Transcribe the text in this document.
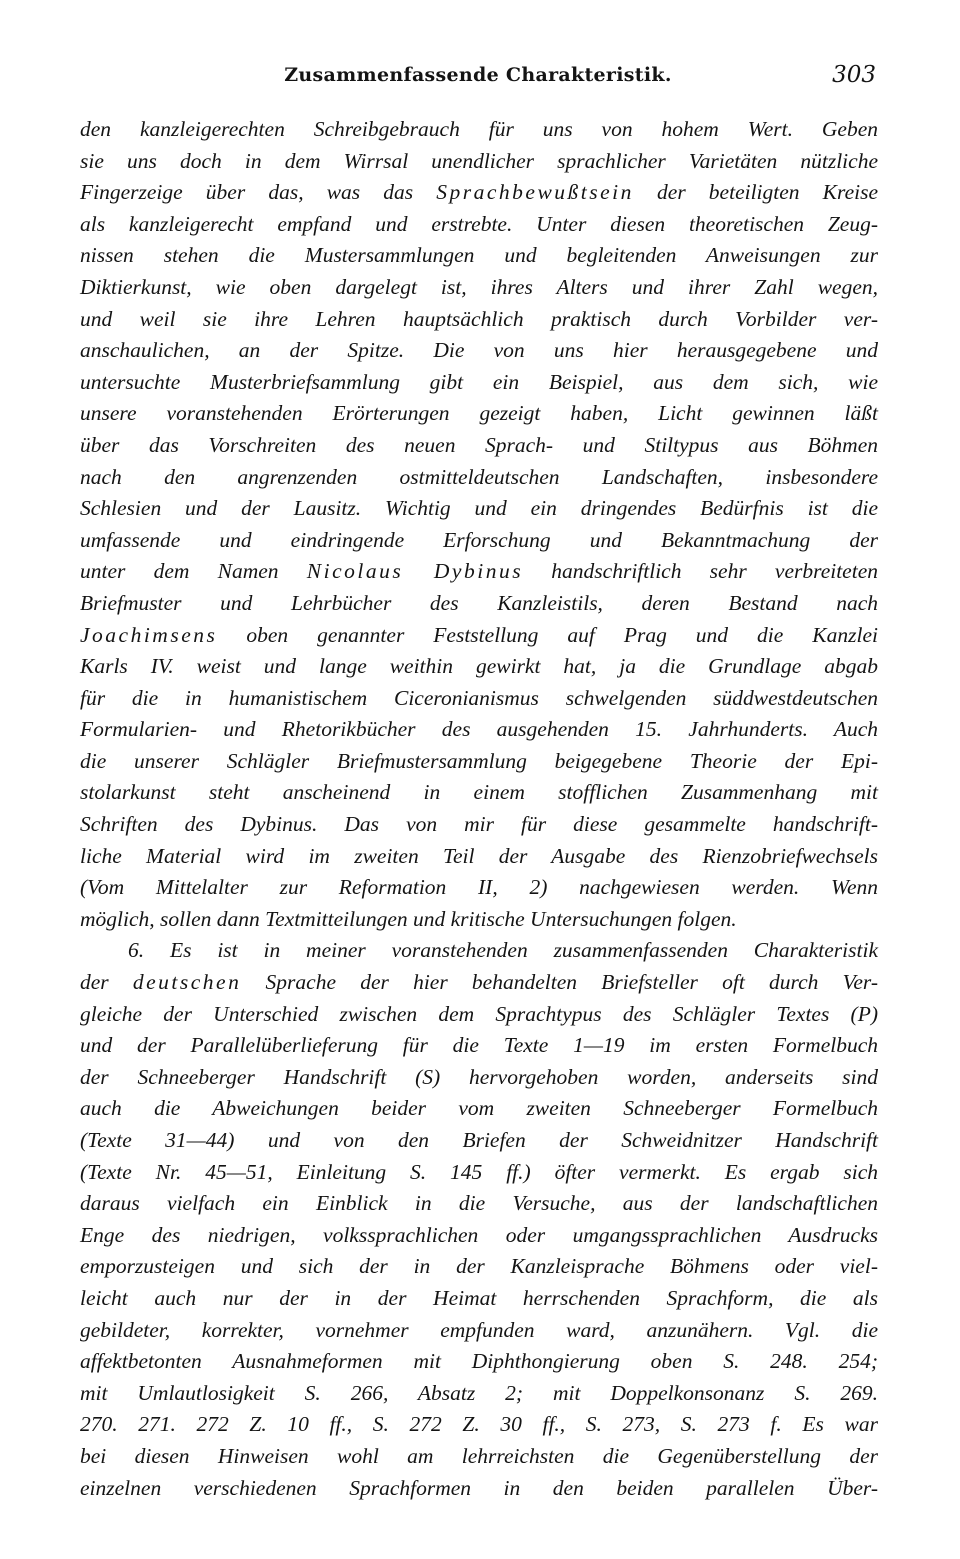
Zusammenfassende Charakteristik.	303
den kanzleigerechten Schreibgebrauch für uns von hohem Wert. Geben
sie uns doch in dem Wirrsal unendlicher sprachlicher Varietäten nützliche
Fingerzeige über das, was das Sprachbewußtsein der beteiligten Kreise
als kanzleigerecht empfand und erstrebte. Unter diesen theoretischen Zeug-
nissen stehen die Mustersammlungen und begleitenden Anweisungen zur
Diktierkunst, wie oben dargelegt ist, ihres Alters und ihrer Zahl wegen,
und weil sie ihre Lehren hauptsächlich praktisch durch Vorbilder ver-
anschaulichen, an der Spitze. Die von uns hier herausgegebene und
untersuchte Musterbriefsammlung gibt ein Beispiel, aus dem sich, wie
unsere voranstehenden Erörterungen gezeigt haben, Licht gewinnen läßt
über das Vorschreiten des neuen Sprach- und Stiltypus aus Böhmen
nach den angrenzenden ostmitteldeutschen Landschaften, insbesondere
Schlesien und der Lausitz. Wichtig und ein dringendes Bedürfnis ist die
umfassende und eindringende Erforschung und Bekanntmachung der
unter dem Namen Nicolaus Dybinus handschriftlich sehr verbreiteten
Briefmuster und Lehrbücher des Kanzleistils, deren Bestand nach
Joachimsens oben genannter Feststellung auf Prag und die Kanzlei
Karls IV. weist und lange weithin gewirkt hat, ja die Grundlage abgab
für die in humanistischem Ciceronianismus schwelgenden süddwestdeutschen
Formularien- und Rhetorikbücher des ausgehenden 15. Jahrhunderts. Auch
die unserer Schlägler Briefmustersammlung beigegebene Theorie der Epi-
stolarkunst steht anscheinend in einem stofflichen Zusammenhang mit
Schriften des Dybinus. Das von mir für diese gesammelte handschrift-
liche Material wird im zweiten Teil der Ausgabe des Rienzobriefwechsels
(Vom Mittelalter zur Reformation II, 2) nachgewiesen werden. Wenn
möglich, sollen dann Textmitteilungen und kritische Untersuchungen folgen.
6. Es ist in meiner voranstehenden zusammenfassenden Charakteristik
der deutschen Sprache der hier behandelten Briefsteller oft durch Ver-
gleiche der Unterschied zwischen dem Sprachtypus des Schlägler Textes (P)
und der Parallelüberlieferung für die Texte 1—19 im ersten Formelbuch
der Schneeberger Handschrift (S) hervorgehoben worden, anderseits sind
auch die Abweichungen beider vom zweiten Schneeberger Formelbuch
(Texte 31—44) und von den Briefen der Schweidnitzer Handschrift
(Texte Nr. 45—51, Einleitung S. 145 ff.) öfter vermerkt. Es ergab sich
daraus vielfach ein Einblick in die Versuche, aus der landschaftlichen
Enge des niedrigen, volkssprachlichen oder umgangssprachlichen Ausdrucks
emporzusteigen und sich der in der Kanzleisprache Böhmens oder viel-
leicht auch nur der in der Heimat herrschenden Sprachform, die als
gebildeter, korrekter, vornehmer empfunden ward, anzunähern. Vgl. die
affektbetonten Ausnahmeformen mit Diphthongierung oben S. 248. 254;
mit Umlautlosigkeit S. 266, Absatz 2; mit Doppelkonsonanz S. 269.
270. 271. 272 Z. 10 ff., S. 272 Z. 30 ff., S. 273, S. 273 f. Es war
bei diesen Hinweisen wohl am lehrreichsten die Gegenüberstellung der
einzelnen verschiedenen Sprachformen in den beiden parallelen Über-
